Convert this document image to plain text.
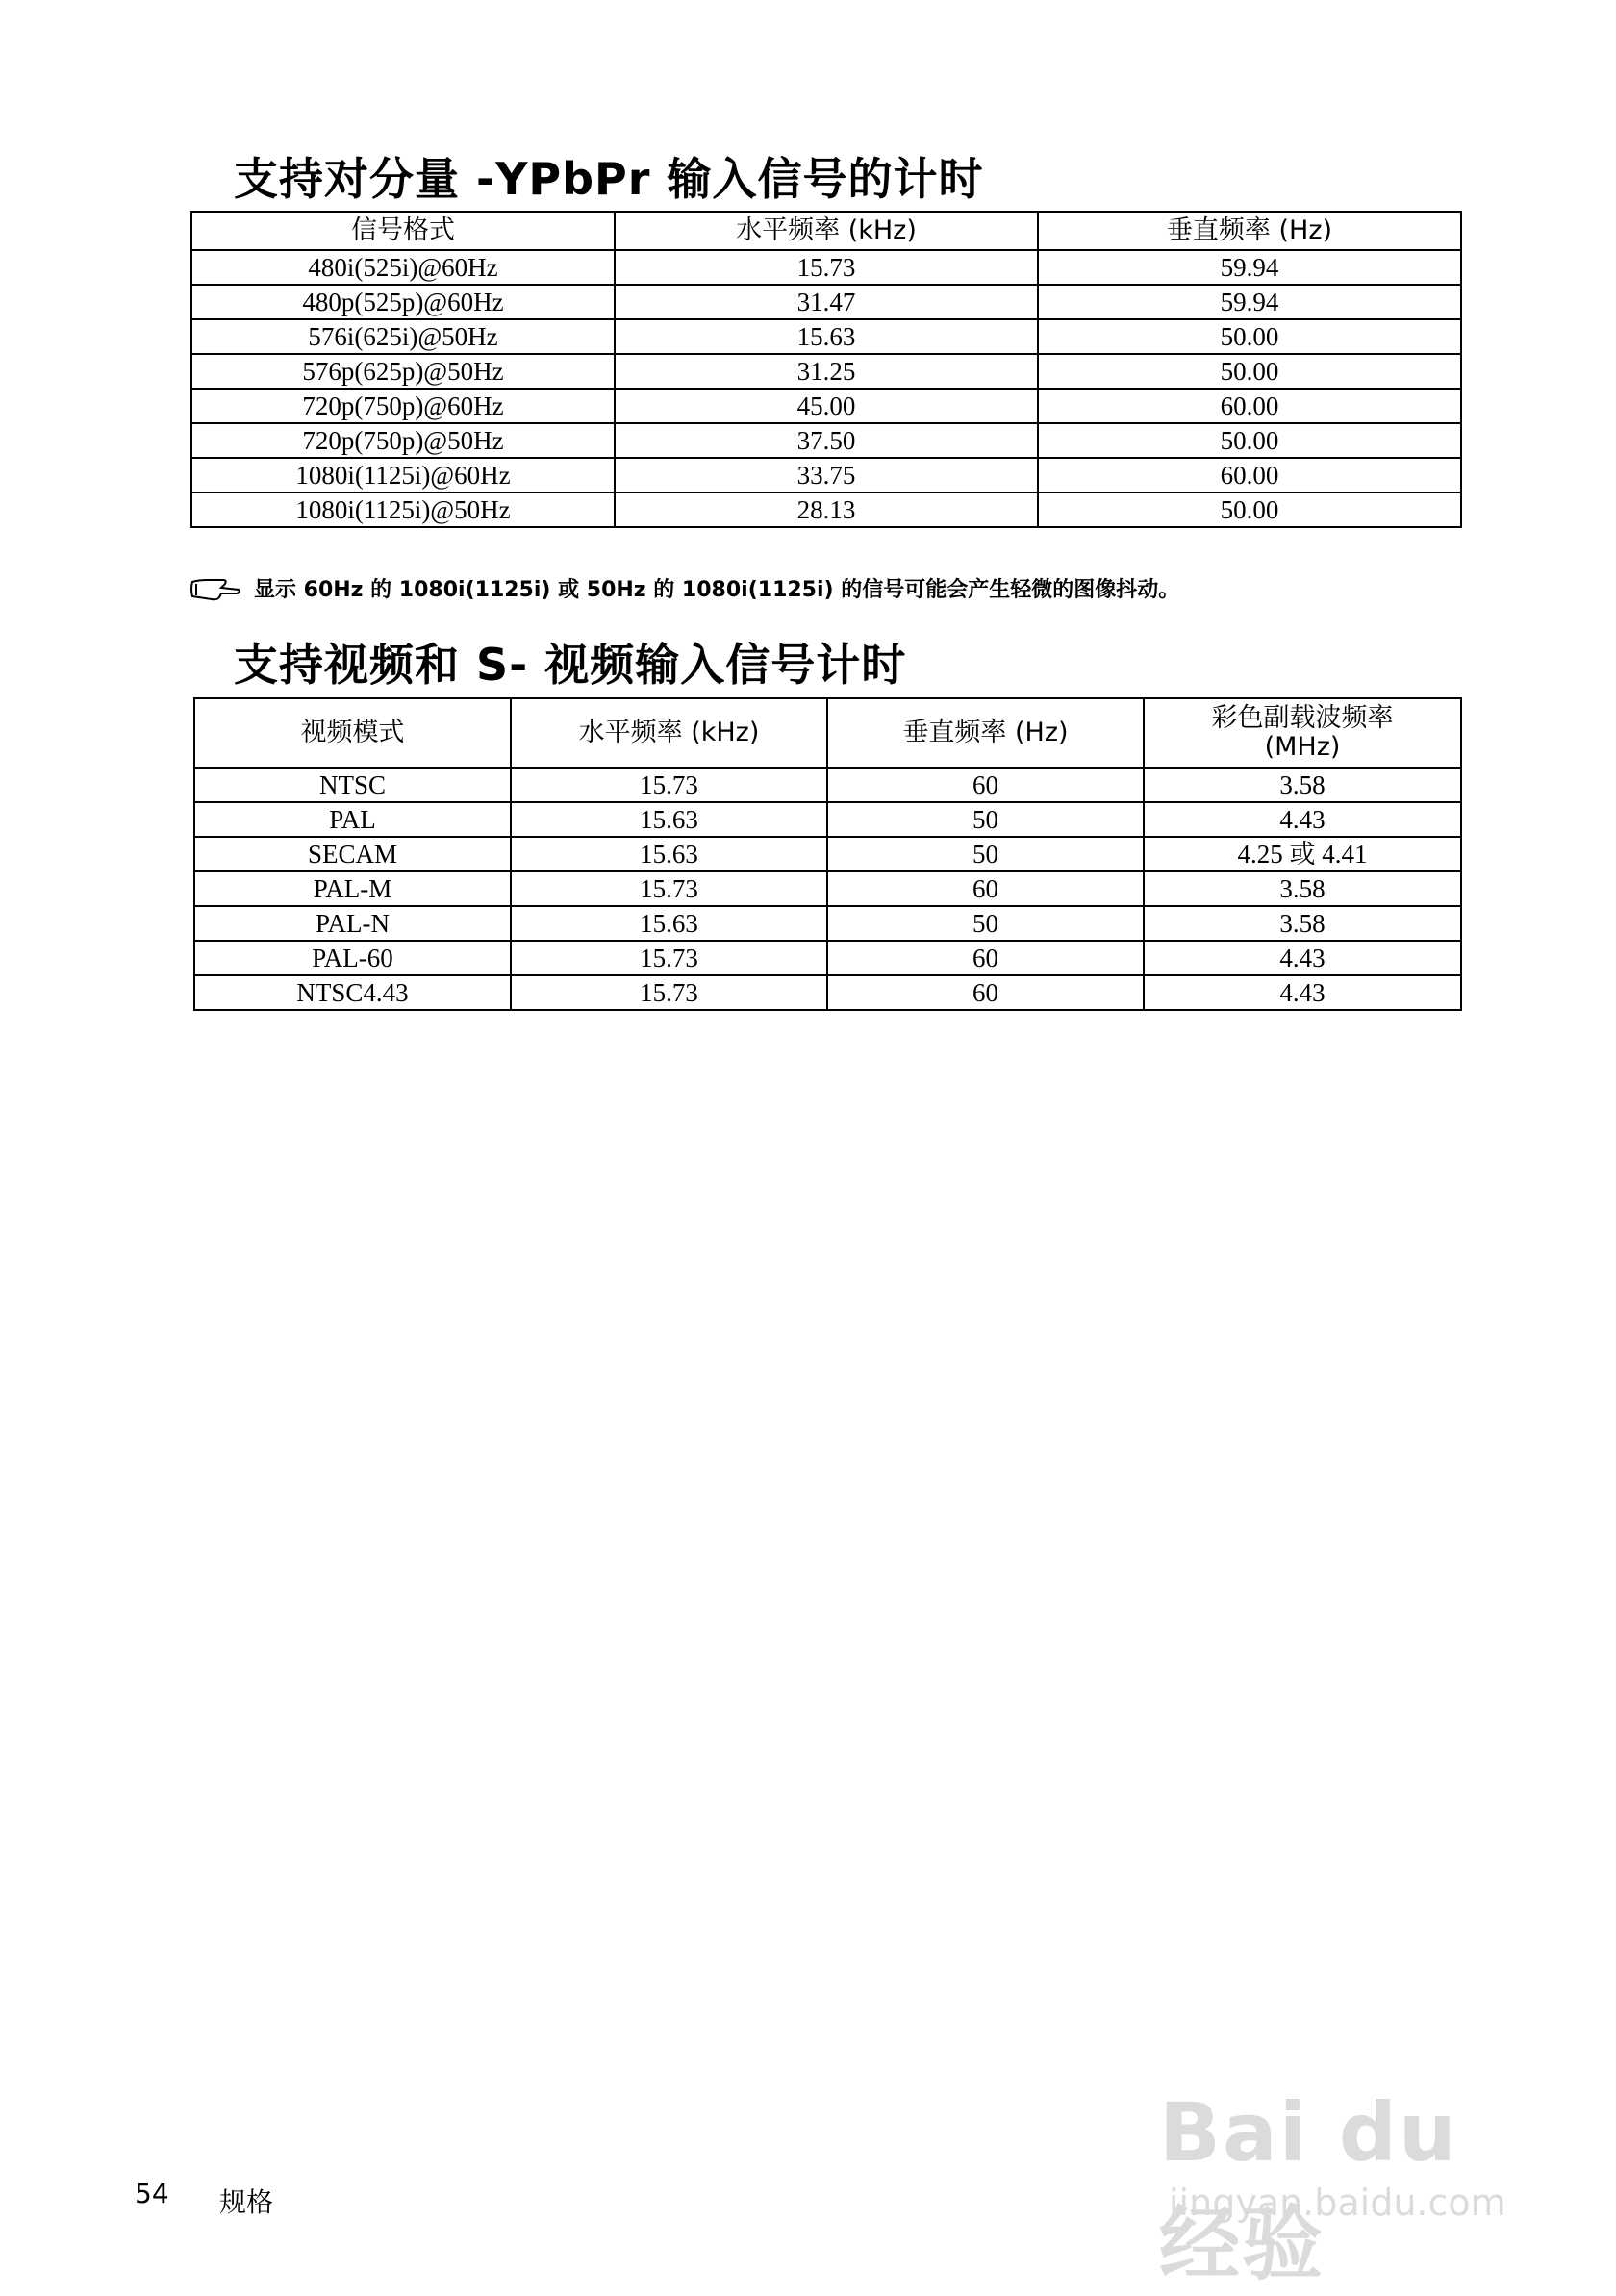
支持对分量 -YPbPr 输入信号的计时
信号格式	水平频率 (kHz)	垂直频率 (Hz)
480i(525i)@60Hz	15.73	59.94
480p(525p)@60Hz	31.47	59.94
576i(625i)@50Hz	15.63	50.00
576p(625p)@50Hz	31.25	50.00
720p(750p)@60Hz	45.00	60.00
720p(750p)@50Hz	37.50	50.00
1080i(1125i)@60Hz	33.75	60.00
1080i(1125i)@50Hz	28.13	50.00
显示 60Hz 的 1080i(1125i) 或 50Hz 的 1080i(1125i) 的信号可能会产生轻微的图像抖动。
支持视频和 S- 视频输入信号计时
视频模式	水平频率 (kHz)	垂直频率 (Hz)	彩色副载波频率
(MHz)

NTSC	15.73	60	3.58
PAL	15.63	50	4.43
SECAM	15.63	50	4.25 或 4.41
PAL-M	15.73	60	3.58
PAL-N	15.63	50	3.58
PAL-60	15.73	60	4.43
NTSC4.43	15.73	60	4.43
54 规格
Bai du 经验
jingyan.baidu.com
